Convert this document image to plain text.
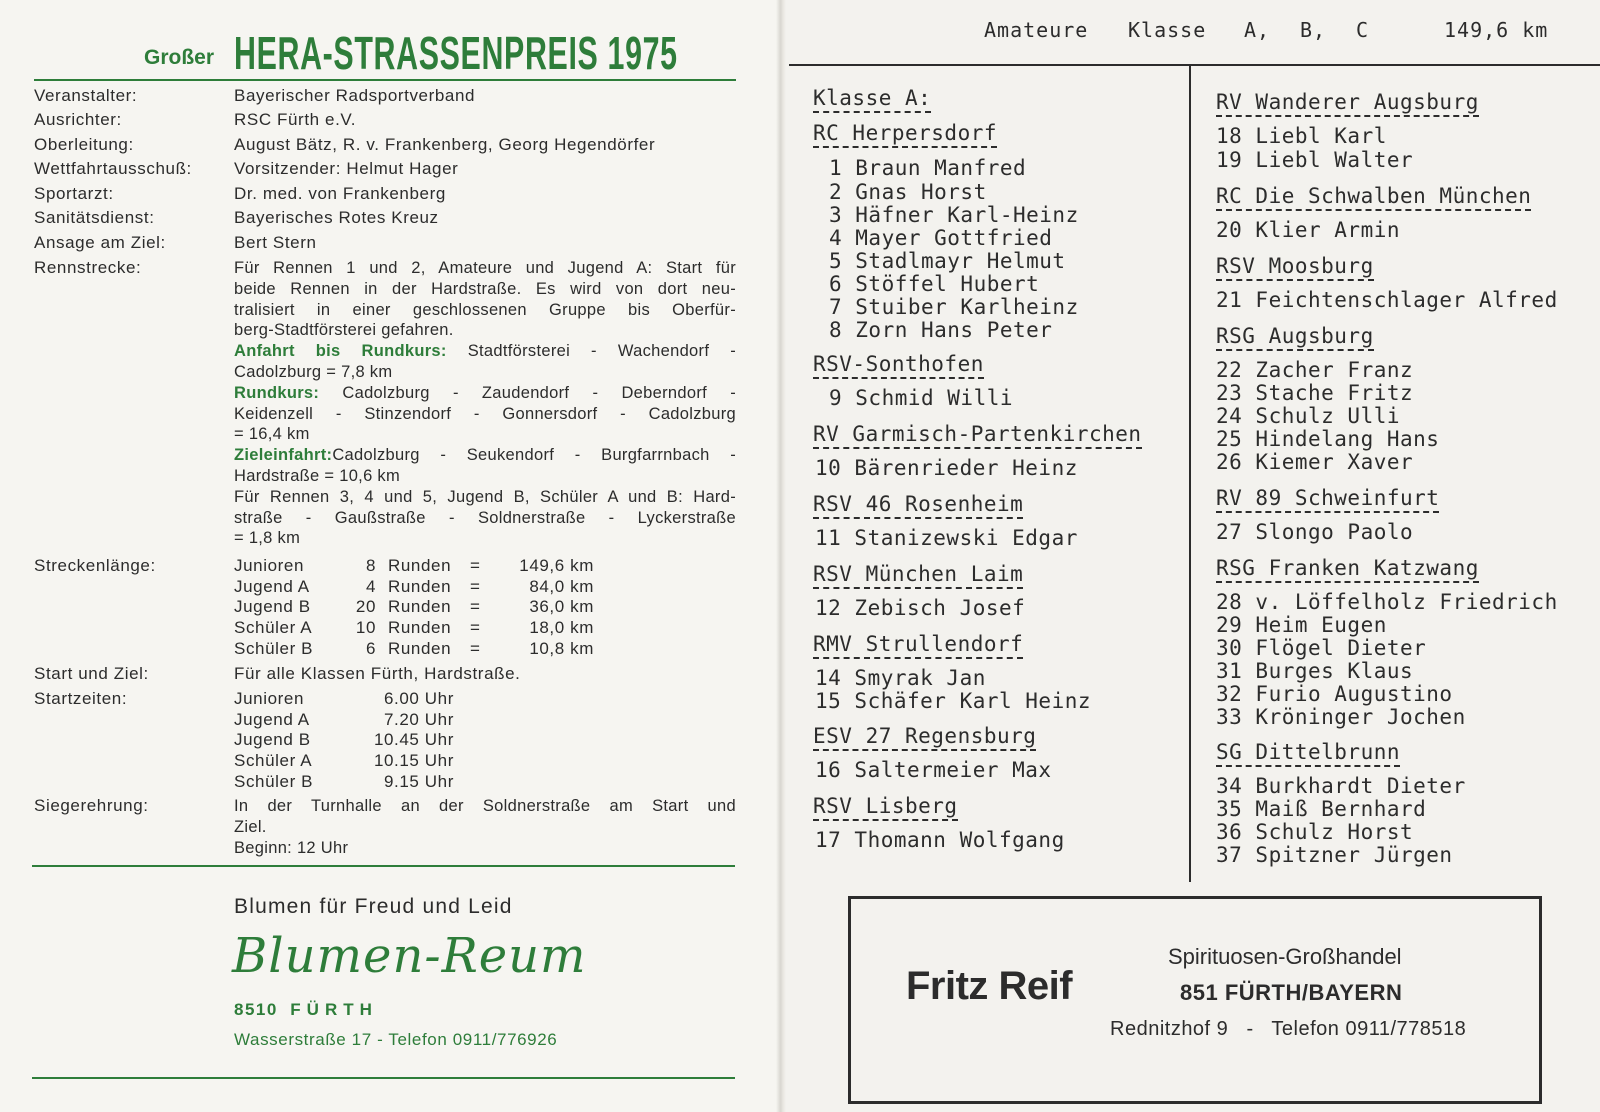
Großer HERA-STRASSENPREIS 1975
Veranstalter:	Bayerischer Radsportverband
Ausrichter:	RSC Fürth e.V.
Oberleitung:	August Bätz, R. v. Frankenberg, Georg Hegendörfer
Wettfahrtausschuß: Vorsitzender: Helmut Hager
Sportarzt:	Dr. med. von Frankenberg
Sanitätsdienst:	Bayerisches Rotes Kreuz
Ansage am Ziel:	Bert Stern
Rennstrecke:	Für Rennen 1 und 2, Amateure und Jugend A: Start für
beide Rennen in der Hardstraße. Es wird von dort neu-
tralisiert in einer geschlossenen Gruppe bis Oberfür-
berg-Stadtförsterei gefahren.
Anfahrt bis Rundkurs: Stadtförsterei - Wachendorf -
Cadolzburg = 7,8 km
Rundkurs: Cadolzburg - Zaudendorf - Deberndorf -
Keidenzell - Stinzendorf - Gonnersdorf - Cadolzburg
= 16,4 km
Zieleinfahrt:Cadolzburg - Seukendorf - Burgfarrnbach -
Hardstraße = 10,6 km
Für Rennen 3, 4 und 5, Jugend B, Schüler A und B: Hard-
straße - Gaußstraße - Soldnerstraße - Lyckerstraße
= 1,8 km
Streckenlänge:	Junioren	8 Runden = 149,6 km
Jugend A	4 Runden =	84,0 km
Jugend B	20 Runden =	36,0 km
Schüler A	10 Runden =	18,0 km
Schüler B	6 Runden =	10,8 km
Start und Ziel:	Für alle Klassen Fürth, Hardstraße.
Startzeiten:	Junioren	6.00 Uhr
Jugend A	7.20 Uhr
Jugend B	10.45 Uhr
Schüler A	10.15 Uhr
Schüler B	9.15 Uhr
Siegerehrung:	In der Turnhalle an der Soldnerstraße am Start und
Ziel.
Beginn: 12 Uhr
Blumen für Freud und Leid
Blumen-Reum
8510 FÜRTH
Wasserstraße 17 - Telefon 0911/776926
Amateure Klasse A, B, C	149,6 km
Klasse A:
RC Herpersdorf
1 Braun Manfred
2 Gnas Horst
3 Häfner Karl-Heinz
4 Mayer Gottfried
5 Stadlmayr Helmut
6 Stöffel Hubert
7 Stuiber Karlheinz
8 Zorn Hans Peter
RSV-Sonthofen
9 Schmid Willi
RV Garmisch-Partenkirchen
10 Bärenrieder Heinz
RSV 46 Rosenheim
11 Stanizewski Edgar
RSV München Laim
12 Zebisch Josef
RMV Strullendorf
14 Smyrak Jan
15 Schäfer Karl Heinz
ESV 27 Regensburg
16 Saltermeier Max
RSV Lisberg
17 Thomann Wolfgang
RV Wanderer Augsburg
18 Liebl Karl
19 Liebl Walter
RC Die Schwalben München
20 Klier Armin
RSV Moosburg
21 Feichtenschlager Alfred
RSG Augsburg
22 Zacher Franz
23 Stache Fritz
24 Schulz Ulli
25 Hindelang Hans
26 Kiemer Xaver
RV 89 Schweinfurt
27 Slongo Paolo
RSG Franken Katzwang
28 v. Löffelholz Friedrich
29 Heim Eugen
30 Flögel Dieter
31 Burges Klaus
32 Furio Augustino
33 Kröninger Jochen
SG Dittelbrunn
34 Burkhardt Dieter
35 Maiß Bernhard
36 Schulz Horst
37 Spitzner Jürgen
Fritz Reif
Spirituosen-Großhandel
851 FÜRTH/BAYERN
Rednitzhof 9   -   Telefon 0911/778518
